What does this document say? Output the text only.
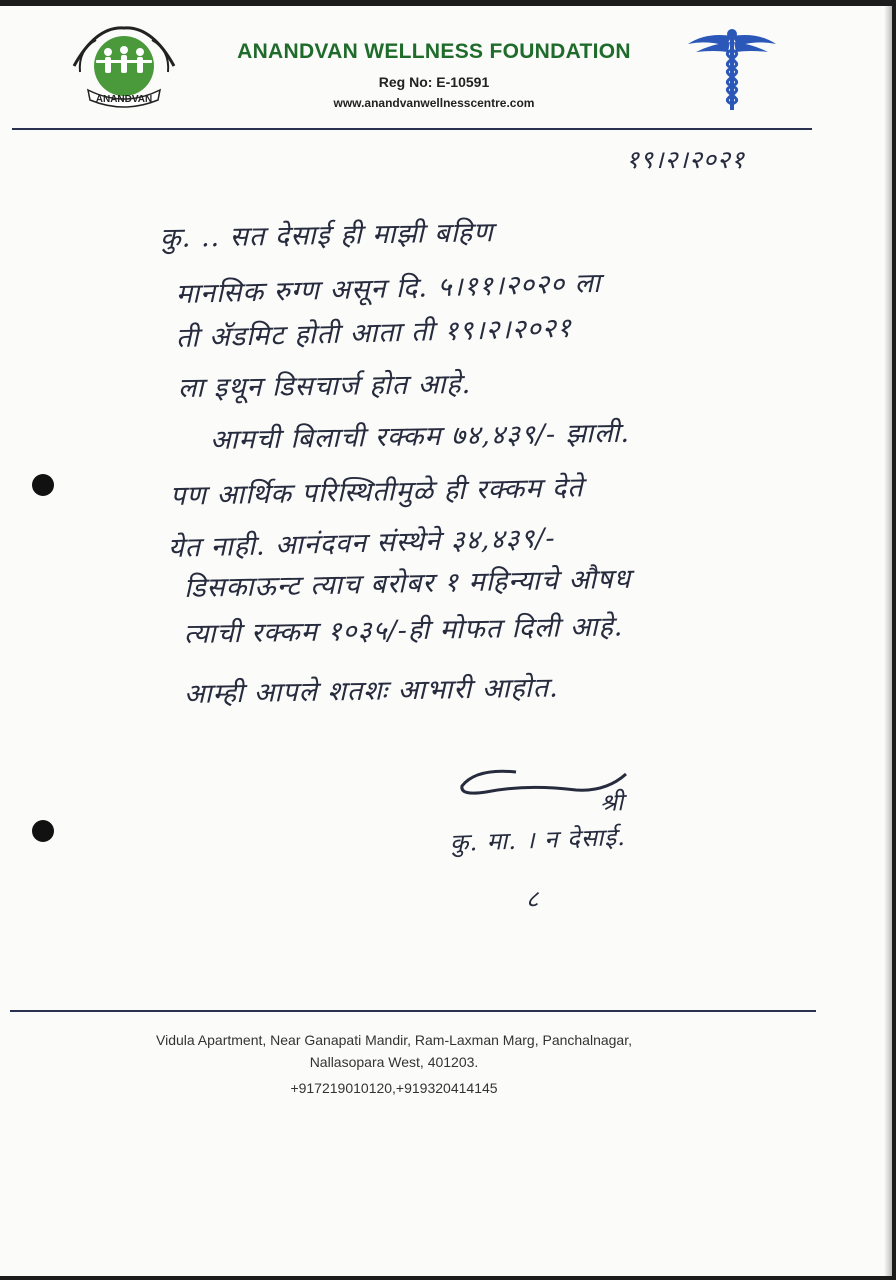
ANANDVAN
ANANDVAN WELLNESS FOUNDATION
Reg No: E-10591
www.anandvanwellnesscentre.com
१९।२।२०२१
कु. .. सत देसाई ही माझी बहिण
मानसिक रुग्ण असून दि. ५।११।२०२० ला
ती ॲडमिट होती आता ती १९।२।२०२१
ला इथून डिसचार्ज होत आहे.
आमची बिलाची रक्कम ७४,४३९/- झाली.
पण आर्थिक परिस्थितीमुळे ही रक्कम देते
येत नाही. आनंदवन संस्थेने ३४,४३९/-
डिसकाऊन्ट त्याच बरोबर १ महिन्याचे औषध
त्याची रक्कम १०३५/-ही मोफत दिली आहे.
आम्ही आपले शतशः आभारी आहोत.
श्री
कु. मा. । न देसाई.
८
Vidula Apartment, Near Ganapati Mandir, Ram-Laxman Marg, Panchalnagar,
Nallasopara West, 401203.
+917219010120,+919320414145
